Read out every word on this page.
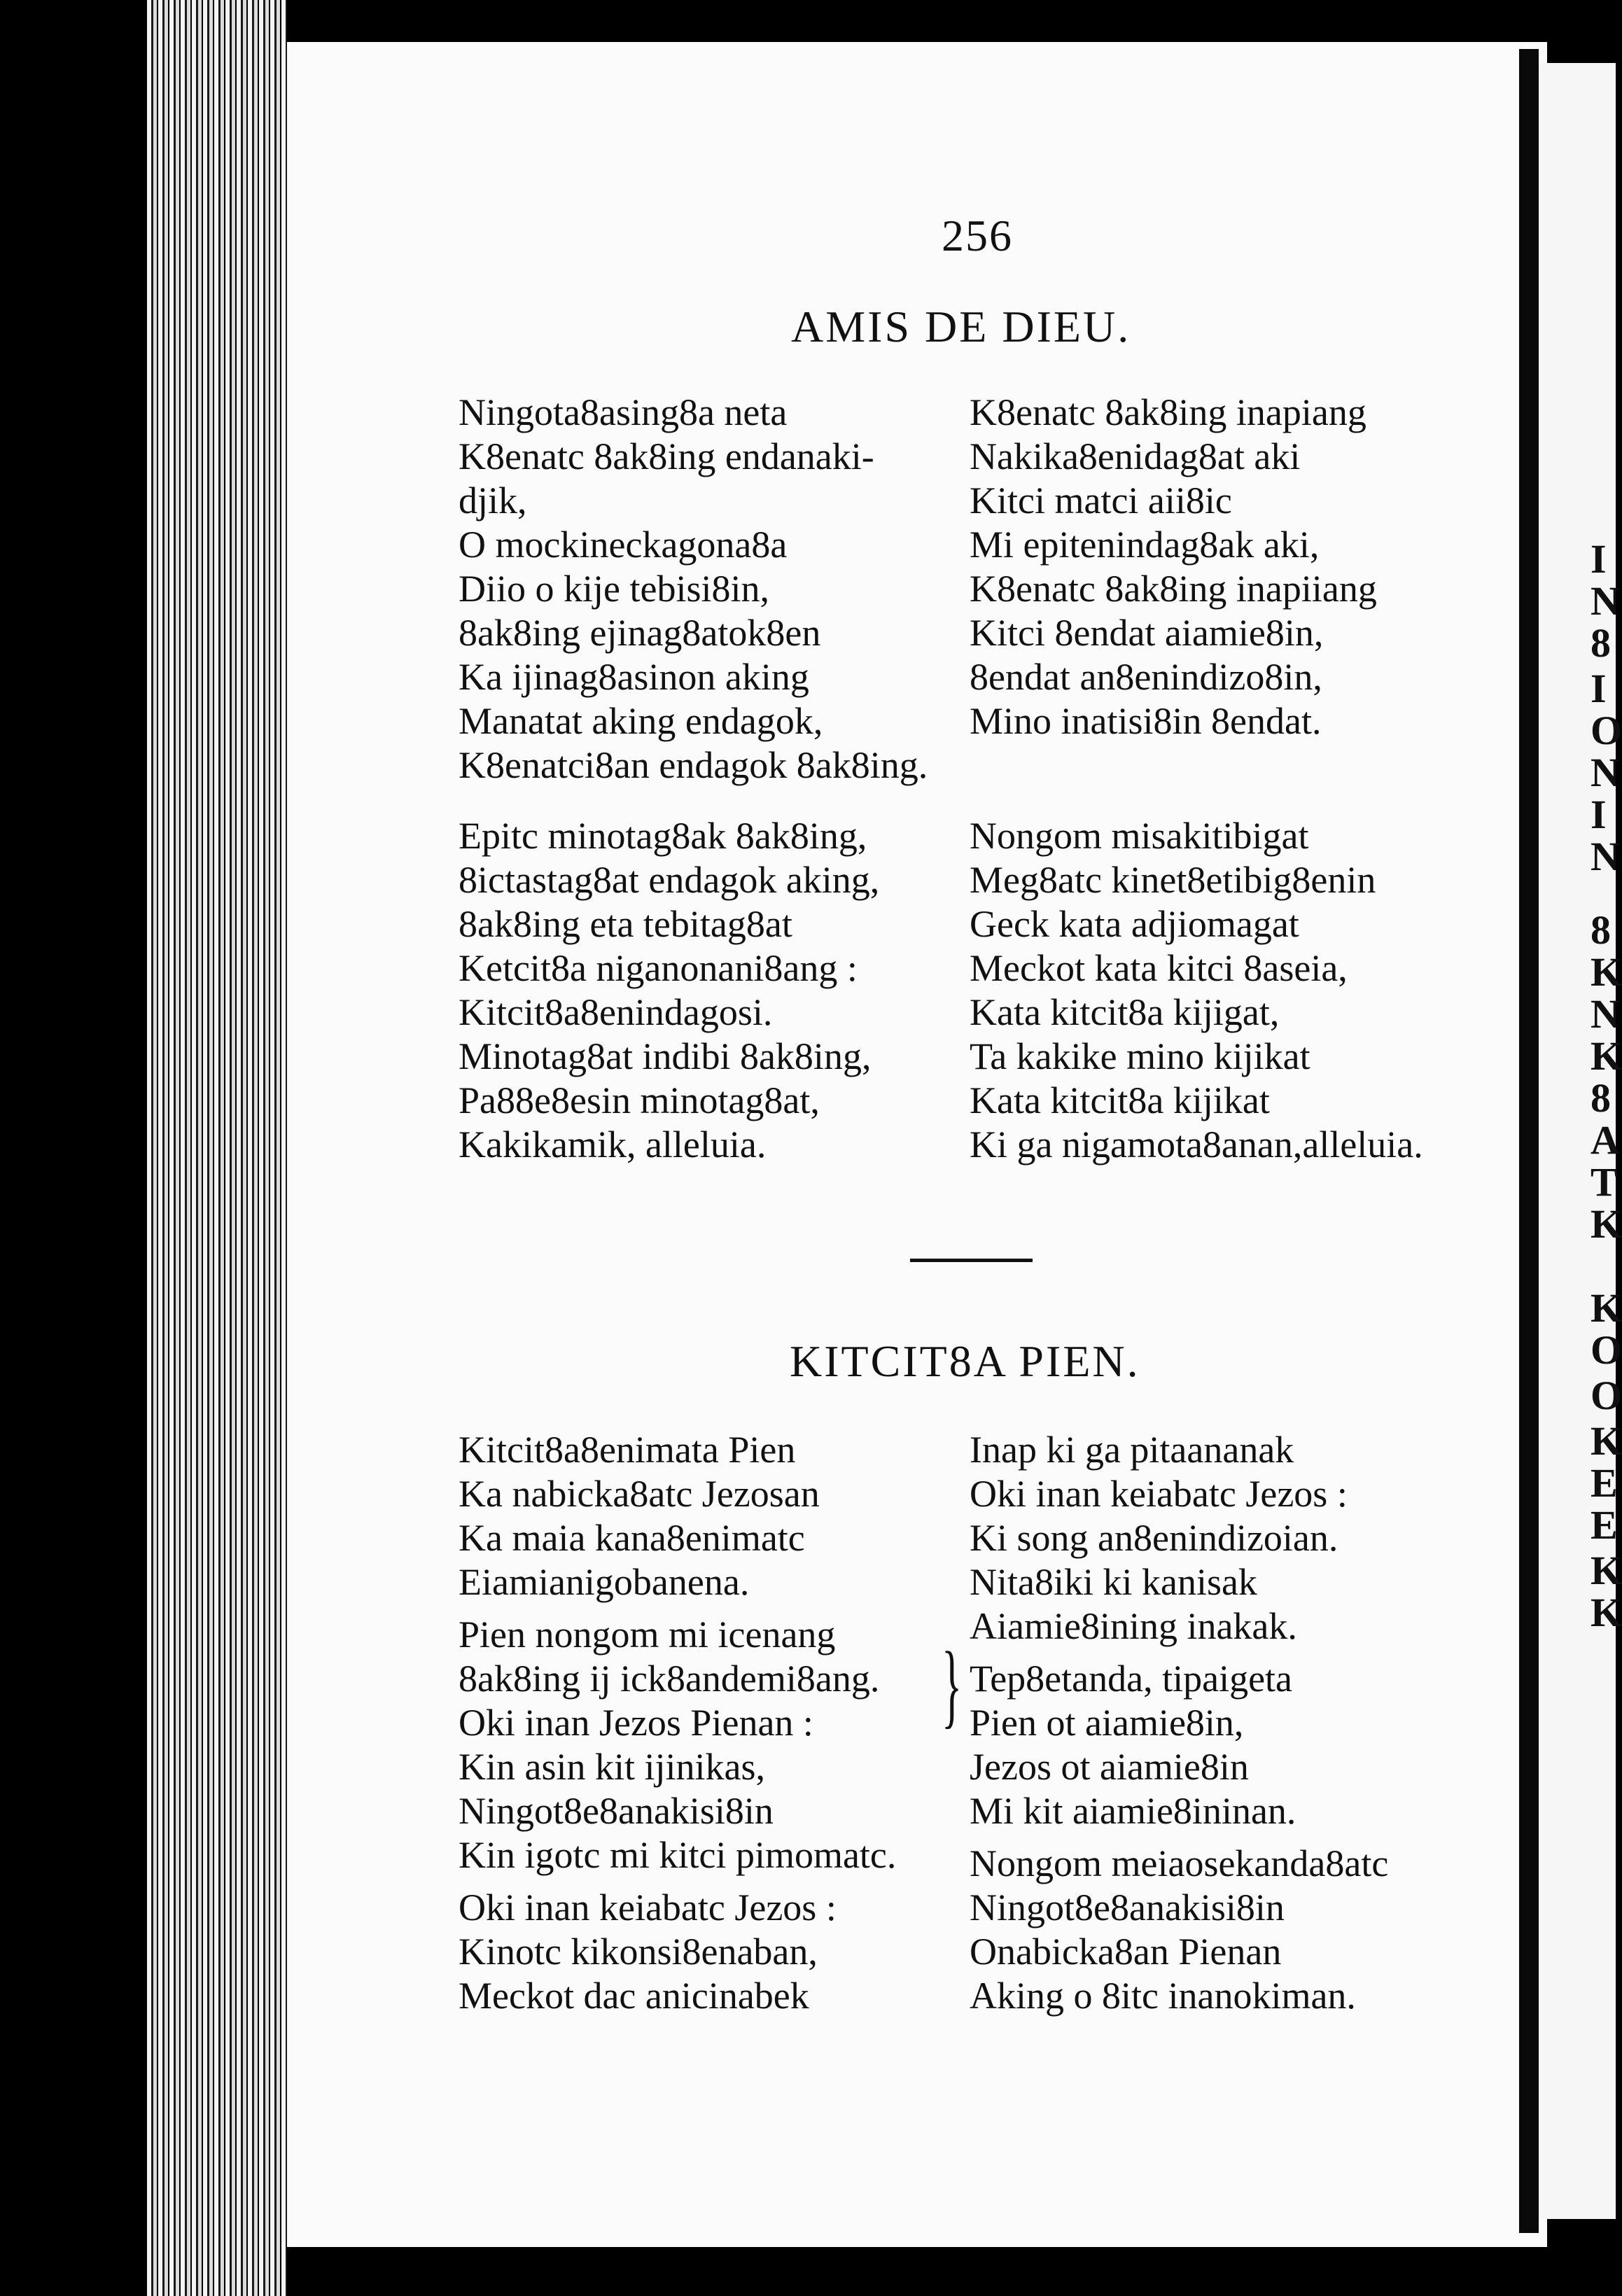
256
AMIS DE DIEU.
Ningota8asing8a neta
K8enatc 8ak8ing endanaki-
djik,
O mockineckagona8a
Diio o kije tebisi8in,
8ak8ing ejinag8atok8en
Ka ijinag8asinon aking
Manatat aking endagok,
K8enatci8an endagok 8ak8ing.
K8enatc 8ak8ing inapiang
Nakika8enidag8at aki
Kitci matci aii8ic
Mi epitenindag8ak aki,
K8enatc 8ak8ing inapiiang
Kitci 8endat aiamie8in,
8endat an8enindizo8in,
Mino inatisi8in 8endat.
Epitc minotag8ak 8ak8ing,
8ictastag8at endagok aking,
8ak8ing eta tebitag8at
Ketcit8a niganonani8ang :
Kitcit8a8enindagosi.
Minotag8at indibi 8ak8ing,
Pa88e8esin minotag8at,
Kakikamik, alleluia.
Nongom misakitibigat
Meg8atc kinet8etibig8enin
Geck kata adjiomagat
Meckot kata kitci 8aseia,
Kata kitcit8a kijigat,
Ta kakike mino kijikat
Kata kitcit8a kijikat
Ki ga nigamota8anan,alleluia.
KITCIT8A PIEN.
Kitcit8a8enimata Pien
Ka nabicka8atc Jezosan
Ka maia kana8enimatc
Eiamianigobanena.
Pien nongom mi icenang
8ak8ing ij ick8andemi8ang.
Oki inan Jezos Pienan :
Kin asin kit ijinikas,
Ningot8e8anakisi8in
Kin igotc mi kitci pimomatc.
Oki inan keiabatc Jezos :
Kinotc kikonsi8enaban,
Meckot dac anicinabek
Inap ki ga pitaananak
Oki inan keiabatc Jezos :
Ki song an8enindizoian.
Nita8iki ki kanisak
Aiamie8ining inakak.
Tep8etanda, tipaigeta
Pien ot aiamie8in,
Jezos ot aiamie8in
Mi kit aiamie8ininan.
Nongom meiaosekanda8atc
Ningot8e8anakisi8in
Onabicka8an Pienan
Aking o 8itc inanokiman.
}
I
N
8
I
O
N
I
N
8
K
N
K
8
A
T
K
K
O
O
K
E
E
K
K
